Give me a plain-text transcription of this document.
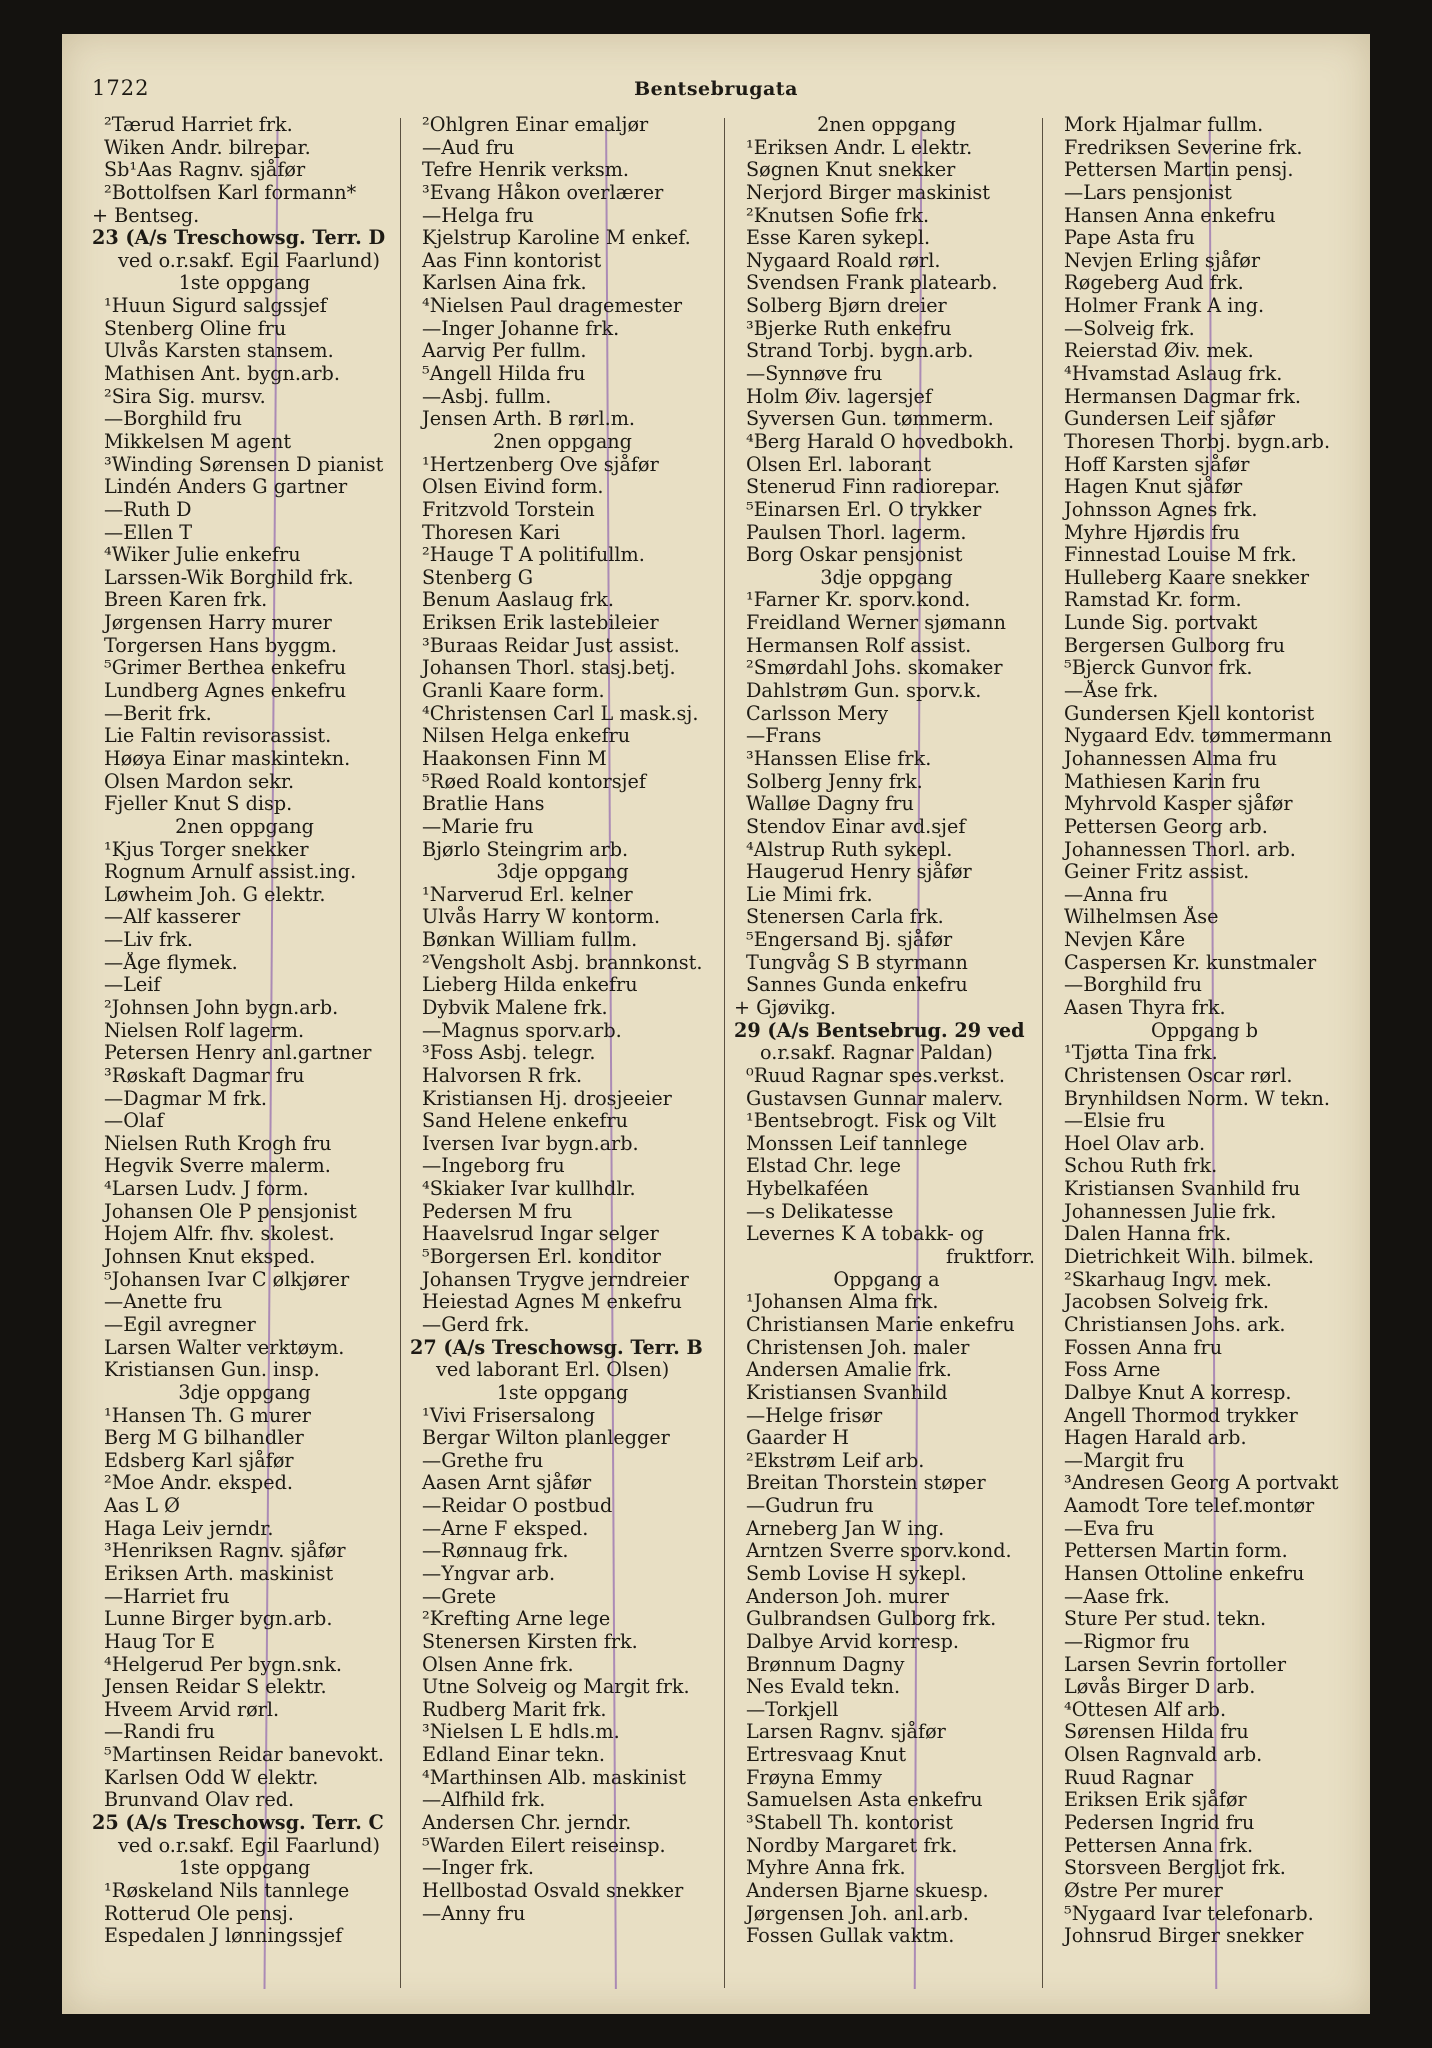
1722	Bentsebrugata
²Tærud Harriet frk.
Wiken Andr. bilrepar.
Sb¹Aas Ragnv. sjåfør
²Bottolfsen Karl formann*
+ Bentseg.
23 (A/s Treschowsg. Terr. D
ved o.r.sakf. Egil Faarlund)
1ste oppgang
¹Huun Sigurd salgssjef
Stenberg Oline fru
Ulvås Karsten stansem.
Mathisen Ant. bygn.arb.
²Sira Sig. mursv.
—Borghild fru
Mikkelsen M agent
³Winding Sørensen D pianist
Lindén Anders G gartner
—Ruth D
—Ellen T
⁴Wiker Julie enkefru
Larssen-Wik Borghild frk.
Breen Karen frk.
Jørgensen Harry murer
Torgersen Hans byggm.
⁵Grimer Berthea enkefru
Lundberg Agnes enkefru
—Berit frk.
Lie Faltin revisorassist.
Høøya Einar maskintekn.
Olsen Mardon sekr.
Fjeller Knut S disp.
2nen oppgang
¹Kjus Torger snekker
Rognum Arnulf assist.ing.
Løwheim Joh. G elektr.
—Alf kasserer
—Liv frk.
—Åge flymek.
—Leif
²Johnsen John bygn.arb.
Nielsen Rolf lagerm.
Petersen Henry anl.gartner
³Røskaft Dagmar fru
—Dagmar M frk.
—Olaf
Nielsen Ruth Krogh fru
Hegvik Sverre malerm.
⁴Larsen Ludv. J form.
Johansen Ole P pensjonist
Hojem Alfr. fhv. skolest.
Johnsen Knut eksped.
⁵Johansen Ivar C ølkjører
—Anette fru
—Egil avregner
Larsen Walter verktøym.
Kristiansen Gun. insp.
3dje oppgang
¹Hansen Th. G murer
Berg M G bilhandler
Edsberg Karl sjåfør
²Moe Andr. eksped.
Aas L Ø
Haga Leiv jerndr.
³Henriksen Ragnv. sjåfør
Eriksen Arth. maskinist
—Harriet fru
Lunne Birger bygn.arb.
Haug Tor E
⁴Helgerud Per bygn.snk.
Jensen Reidar S elektr.
Hveem Arvid rørl.
—Randi fru
⁵Martinsen Reidar banevokt.
Karlsen Odd W elektr.
Brunvand Olav red.
25 (A/s Treschowsg. Terr. C
ved o.r.sakf. Egil Faarlund)
1ste oppgang
¹Røskeland Nils tannlege
Rotterud Ole pensj.
Espedalen J lønningssjef
²Ohlgren Einar emaljør
—Aud fru
Tefre Henrik verksm.
³Evang Håkon overlærer
—Helga fru
Kjelstrup Karoline M enkef.
Aas Finn kontorist
Karlsen Aina frk.
⁴Nielsen Paul dragemester
—Inger Johanne frk.
Aarvig Per fullm.
⁵Angell Hilda fru
—Asbj. fullm.
Jensen Arth. B rørl.m.
2nen oppgang
¹Hertzenberg Ove sjåfør
Olsen Eivind form.
Fritzvold Torstein
Thoresen Kari
²Hauge T A politifullm.
Stenberg G
Benum Aaslaug frk.
Eriksen Erik lastebileier
³Buraas Reidar Just assist.
Johansen Thorl. stasj.betj.
Granli Kaare form.
⁴Christensen Carl L mask.sj.
Nilsen Helga enkefru
Haakonsen Finn M
⁵Røed Roald kontorsjef
Bratlie Hans
—Marie fru
Bjørlo Steingrim arb.
3dje oppgang
¹Narverud Erl. kelner
Ulvås Harry W kontorm.
Bønkan William fullm.
²Vengsholt Asbj. brannkonst.
Lieberg Hilda enkefru
Dybvik Malene frk.
—Magnus sporv.arb.
³Foss Asbj. telegr.
Halvorsen R frk.
Kristiansen Hj. drosjeeier
Sand Helene enkefru
Iversen Ivar bygn.arb.
—Ingeborg fru
⁴Skiaker Ivar kullhdlr.
Pedersen M fru
Haavelsrud Ingar selger
⁵Borgersen Erl. konditor
Johansen Trygve jerndreier
Heiestad Agnes M enkefru
—Gerd frk.
27 (A/s Treschowsg. Terr. B
ved laborant Erl. Olsen)
1ste oppgang
¹Vivi Frisersalong
Bergar Wilton planlegger
—Grethe fru
Aasen Arnt sjåfør
—Reidar O postbud
—Arne F eksped.
—Rønnaug frk.
—Yngvar arb.
—Grete
²Krefting Arne lege
Stenersen Kirsten frk.
Olsen Anne frk.
Utne Solveig og Margit frk.
Rudberg Marit frk.
³Nielsen L E hdls.m.
Edland Einar tekn.
⁴Marthinsen Alb. maskinist
—Alfhild frk.
Andersen Chr. jerndr.
⁵Warden Eilert reiseinsp.
—Inger frk.
Hellbostad Osvald snekker
—Anny fru
2nen oppgang
¹Eriksen Andr. L elektr.
Søgnen Knut snekker
Nerjord Birger maskinist
²Knutsen Sofie frk.
Esse Karen sykepl.
Nygaard Roald rørl.
Svendsen Frank platearb.
Solberg Bjørn dreier
³Bjerke Ruth enkefru
Strand Torbj. bygn.arb.
—Synnøve fru
Holm Øiv. lagersjef
Syversen Gun. tømmerm.
⁴Berg Harald O hovedbokh.
Olsen Erl. laborant
Stenerud Finn radiorepar.
⁵Einarsen Erl. O trykker
Paulsen Thorl. lagerm.
Borg Oskar pensjonist
3dje oppgang
¹Farner Kr. sporv.kond.
Freidland Werner sjømann
Hermansen Rolf assist.
²Smørdahl Johs. skomaker
Dahlstrøm Gun. sporv.k.
Carlsson Mery
—Frans
³Hanssen Elise frk.
Solberg Jenny frk.
Walløe Dagny fru
Stendov Einar avd.sjef
⁴Alstrup Ruth sykepl.
Haugerud Henry sjåfør
Lie Mimi frk.
Stenersen Carla frk.
⁵Engersand Bj. sjåfør
Tungvåg S B styrmann
Sannes Gunda enkefru
+ Gjøvikg.
29 (A/s Bentsebrug. 29 ved
o.r.sakf. Ragnar Paldan)
⁰Ruud Ragnar spes.verkst.
Gustavsen Gunnar malerv.
¹Bentsebrogt. Fisk og Vilt
Monssen Leif tannlege
Elstad Chr. lege
Hybelkaféen
—s Delikatesse
Levernes K A tobakk- og
fruktforr.
Oppgang a
¹Johansen Alma frk.
Christiansen Marie enkefru
Christensen Joh. maler
Andersen Amalie frk.
Kristiansen Svanhild
—Helge frisør
Gaarder H
²Ekstrøm Leif arb.
Breitan Thorstein støper
—Gudrun fru
Arneberg Jan W ing.
Arntzen Sverre sporv.kond.
Semb Lovise H sykepl.
Anderson Joh. murer
Gulbrandsen Gulborg frk.
Dalbye Arvid korresp.
Brønnum Dagny
Nes Evald tekn.
—Torkjell
Larsen Ragnv. sjåfør
Ertresvaag Knut
Frøyna Emmy
Samuelsen Asta enkefru
³Stabell Th. kontorist
Nordby Margaret frk.
Myhre Anna frk.
Andersen Bjarne skuesp.
Jørgensen Joh. anl.arb.
Fossen Gullak vaktm.
Mork Hjalmar fullm.
Fredriksen Severine frk.
Pettersen Martin pensj.
—Lars pensjonist
Hansen Anna enkefru
Pape Asta fru
Nevjen Erling sjåfør
Røgeberg Aud frk.
Holmer Frank A ing.
—Solveig frk.
Reierstad Øiv. mek.
⁴Hvamstad Aslaug frk.
Hermansen Dagmar frk.
Gundersen Leif sjåfør
Thoresen Thorbj. bygn.arb.
Hoff Karsten sjåfør
Hagen Knut sjåfør
Johnsson Agnes frk.
Myhre Hjørdis fru
Finnestad Louise M frk.
Hulleberg Kaare snekker
Ramstad Kr. form.
Lunde Sig. portvakt
Bergersen Gulborg fru
⁵Bjerck Gunvor frk.
—Åse frk.
Gundersen Kjell kontorist
Nygaard Edv. tømmermann
Johannessen Alma fru
Mathiesen Karin fru
Myhrvold Kasper sjåfør
Pettersen Georg arb.
Johannessen Thorl. arb.
Geiner Fritz assist.
—Anna fru
Wilhelmsen Åse
Nevjen Kåre
Caspersen Kr. kunstmaler
—Borghild fru
Aasen Thyra frk.
Oppgang b
¹Tjøtta Tina frk.
Christensen Oscar rørl.
Brynhildsen Norm. W tekn.
—Elsie fru
Hoel Olav arb.
Schou Ruth frk.
Kristiansen Svanhild fru
Johannessen Julie frk.
Dalen Hanna frk.
Dietrichkeit Wilh. bilmek.
²Skarhaug Ingv. mek.
Jacobsen Solveig frk.
Christiansen Johs. ark.
Fossen Anna fru
Foss Arne
Dalbye Knut A korresp.
Angell Thormod trykker
Hagen Harald arb.
—Margit fru
³Andresen Georg A portvakt
Aamodt Tore telef.montør
—Eva fru
Pettersen Martin form.
Hansen Ottoline enkefru
—Aase frk.
Sture Per stud. tekn.
—Rigmor fru
Larsen Sevrin fortoller
Løvås Birger D arb.
⁴Ottesen Alf arb.
Sørensen Hilda fru
Olsen Ragnvald arb.
Ruud Ragnar
Eriksen Erik sjåfør
Pedersen Ingrid fru
Pettersen Anna frk.
Storsveen Bergljot frk.
Østre Per murer
⁵Nygaard Ivar telefonarb.
Johnsrud Birger snekker
